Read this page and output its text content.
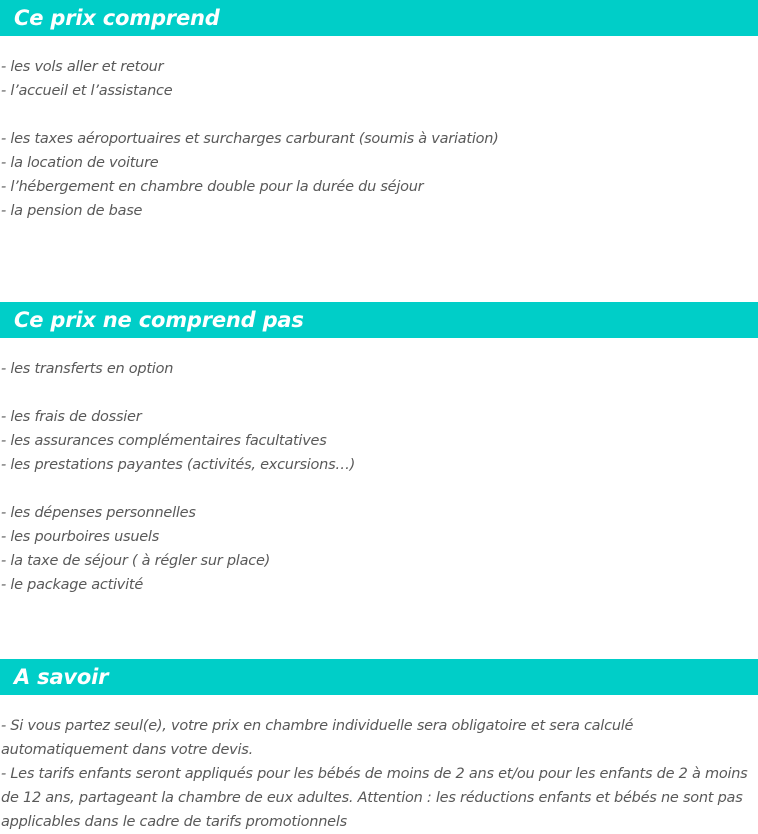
Ce prix comprend
- les vols aller et retour
- l’accueil et l’assistance
- les taxes aéroportuaires et surcharges carburant (soumis à variation)
- la location de voiture
- l’hébergement en chambre double pour la durée du séjour
- la pension de base
Ce prix ne comprend pas
- les transferts en option
- les frais de dossier
- les assurances complémentaires facultatives
- les prestations payantes (activités, excursions…)
- les dépenses personnelles
- les pourboires usuels
- la taxe de séjour ( à régler sur place)
- le package activité
A savoir
- Si vous partez seul(e), votre prix en chambre individuelle sera obligatoire et sera calculé automatiquement dans votre devis.
- Les tarifs enfants seront appliqués pour les bébés de moins de 2 ans et/ou pour les enfants de 2 à moins de 12 ans, partageant la chambre de eux adultes. Attention : les réductions enfants et bébés ne sont pas applicables dans le cadre de tarifs promotionnels
